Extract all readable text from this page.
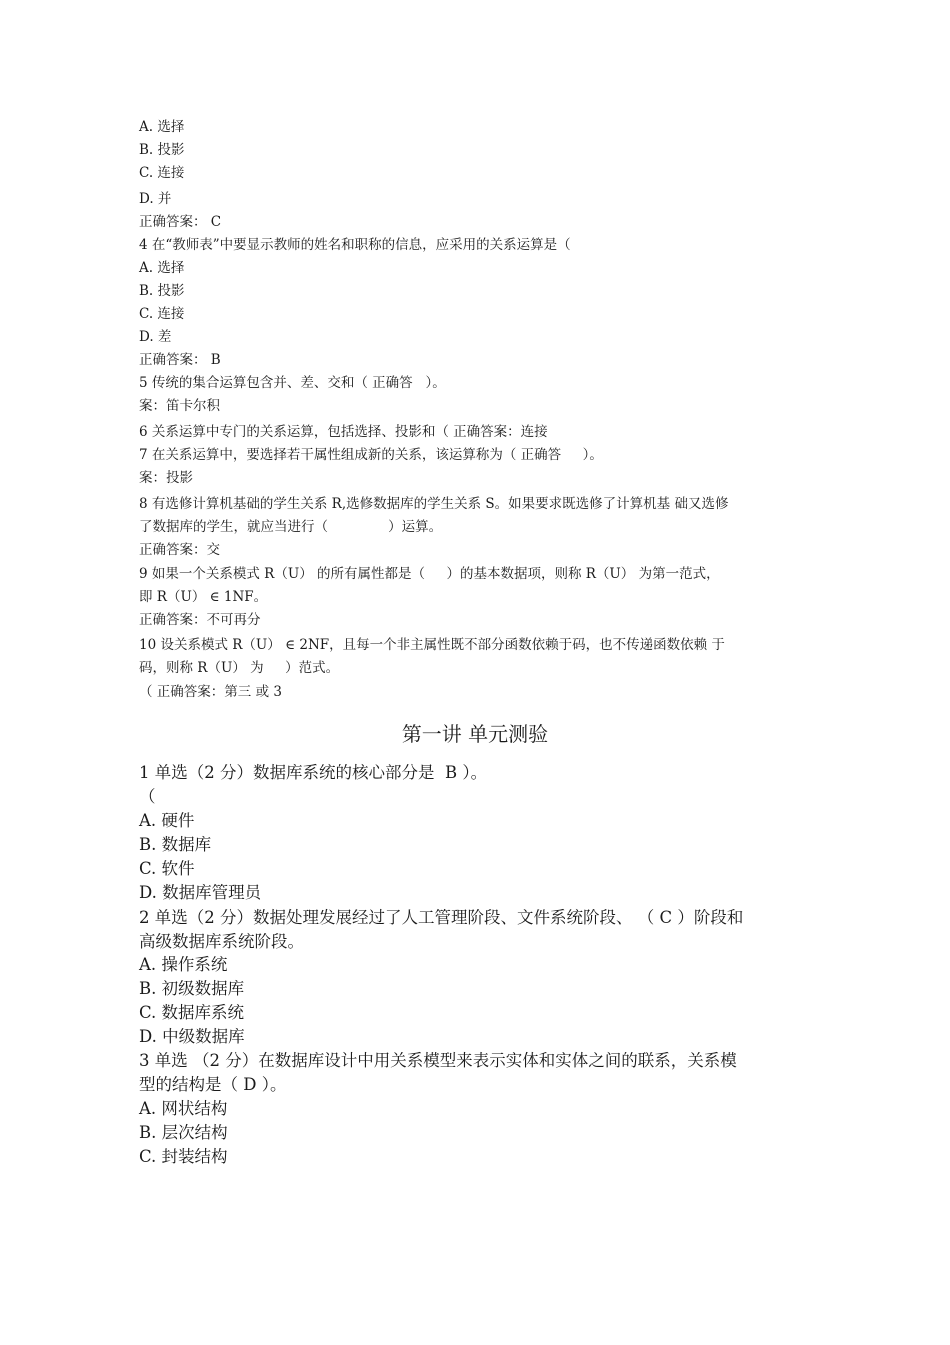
A. 选择
B. 投影
C. 连接
D. 并
正确答案： C
4 在“教师表”中要显示教师的姓名和职称的信息，应采用的关系运算是（
A. 选择
B. 投影
C. 连接
D. 差
正确答案： B
5 传统的集合运算包含并、差、交和（ 正确答   ）。
案：笛卡尔积
6 关系运算中专门的关系运算，包括选择、投影和（ 正确答案：连接
7 在关系运算中，要选择若干属性组成新的关系，该运算称为（ 正确答     ）。
案：投影
8 有选修计算机基础的学生关系 R,选修数据库的学生关系 S。如果要求既选修了计算机基 础又选修
了数据库的学生，就应当进行（              ）运算。
正确答案：交
9 如果一个关系模式 R（U） 的所有属性都是（     ）的基本数据项，则称 R（U） 为第一范式，
即 R（U） ∈ 1NF。
正确答案：不可再分
10 设关系模式 R（U） ∈ 2NF，且每一个非主属性既不部分函数依赖于码，也不传递函数依赖 于
码，则称 R（U） 为     ）范式。
（ 正确答案：第三 或 3
第一讲 单元测验
1 单选（2 分）数据库系统的核心部分是  B ）。
（
A. 硬件
B. 数据库
C. 软件
D. 数据库管理员
2 单选（2 分）数据处理发展经过了人工管理阶段、文件系统阶段、 （ C ）阶段和
高级数据库系统阶段。
A. 操作系统
B. 初级数据库
C. 数据库系统
D. 中级数据库
3 单选 （2 分）在数据库设计中用关系模型来表示实体和实体之间的联系，关系模
型的结构是（ D ）。
A. 网状结构
B. 层次结构
C. 封装结构
